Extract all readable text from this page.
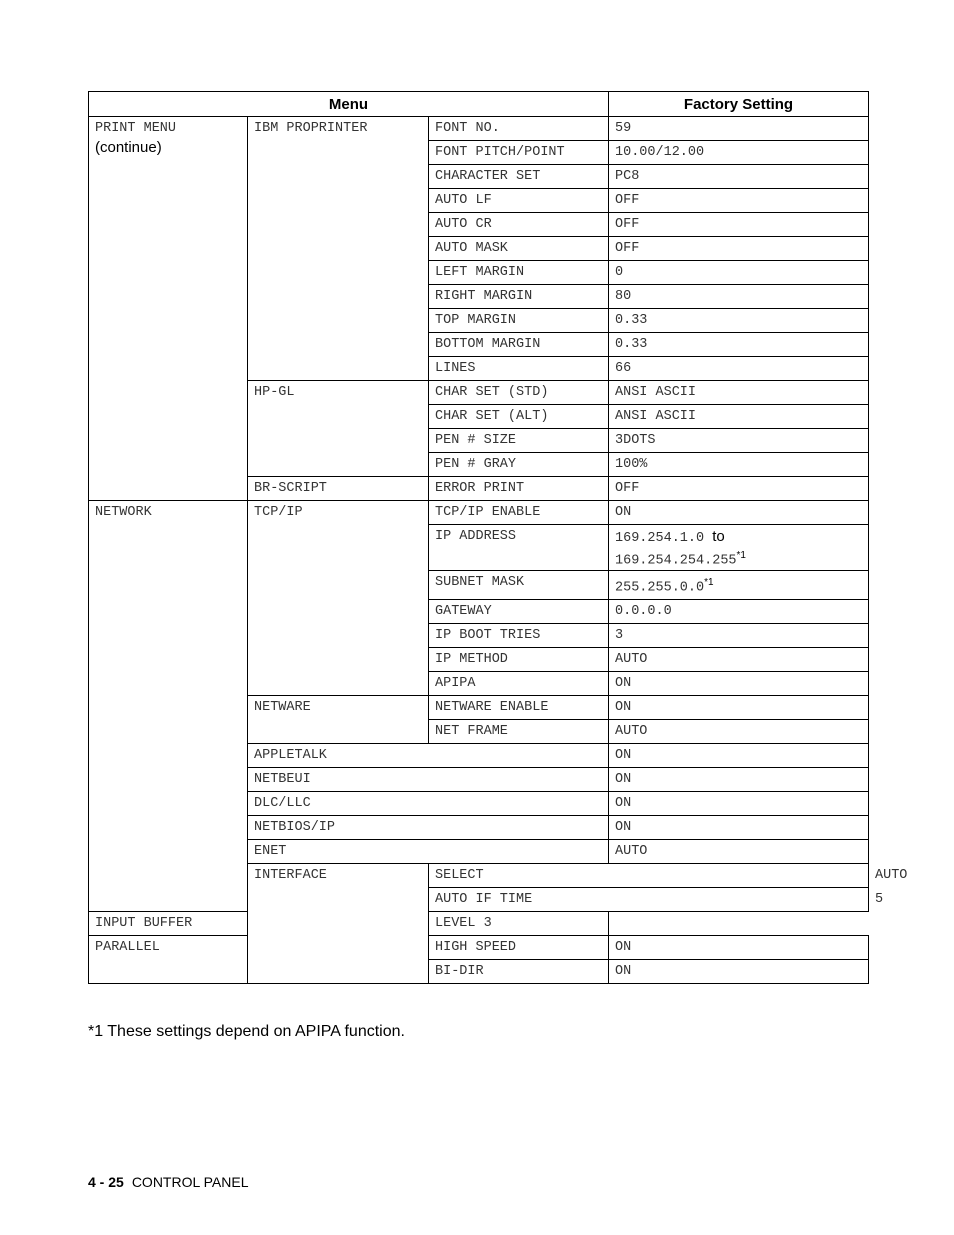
Menu			Factory Setting	

PRINT MENU
(continue)	IBM PROPRINTER	FONT NO.	59	
		FONT PITCH/POINT	10.00/12.00	
		CHARACTER SET	PC8	
		AUTO LF	OFF	
		AUTO CR	OFF	
		AUTO MASK	OFF	
		LEFT MARGIN	0	
		RIGHT MARGIN	80	
		TOP MARGIN	0.33	
		BOTTOM MARGIN	0.33	
		LINES	66	
	HP-GL	CHAR SET (STD)	ANSI ASCII	
		CHAR SET (ALT)	ANSI ASCII	
		PEN # SIZE	3DOTS	
		PEN # GRAY	100%	
	BR-SCRIPT	ERROR PRINT	OFF	
NETWORK	TCP/IP	TCP/IP ENABLE	ON	
		IP ADDRESS	169.254.1.0 to
169.254.254.255$^{*1}$
		SUBNET MASK	255.255.0.0$^{*1}$
		GATEWAY	0.0.0.0	
		IP BOOT TRIES	3	
		IP METHOD	AUTO	
		APIPA	ON	
	NETWARE	NETWARE ENABLE	ON	
		NET FRAME	AUTO	
	APPLETALK		ON	
	NETBEUI		ON	
	DLC/LLC		ON	
	NETBIOS/IP		ON	
	ENET		AUTO	
	INTERFACE	SELECT		AUTO
		AUTO IF TIME		5
INPUT BUFFER		LEVEL 3		
PARALLEL		HIGH SPEED	ON	
		BI-DIR	ON	
*1 These settings depend on APIPA function.
4 - 25 CONTROL PANEL
